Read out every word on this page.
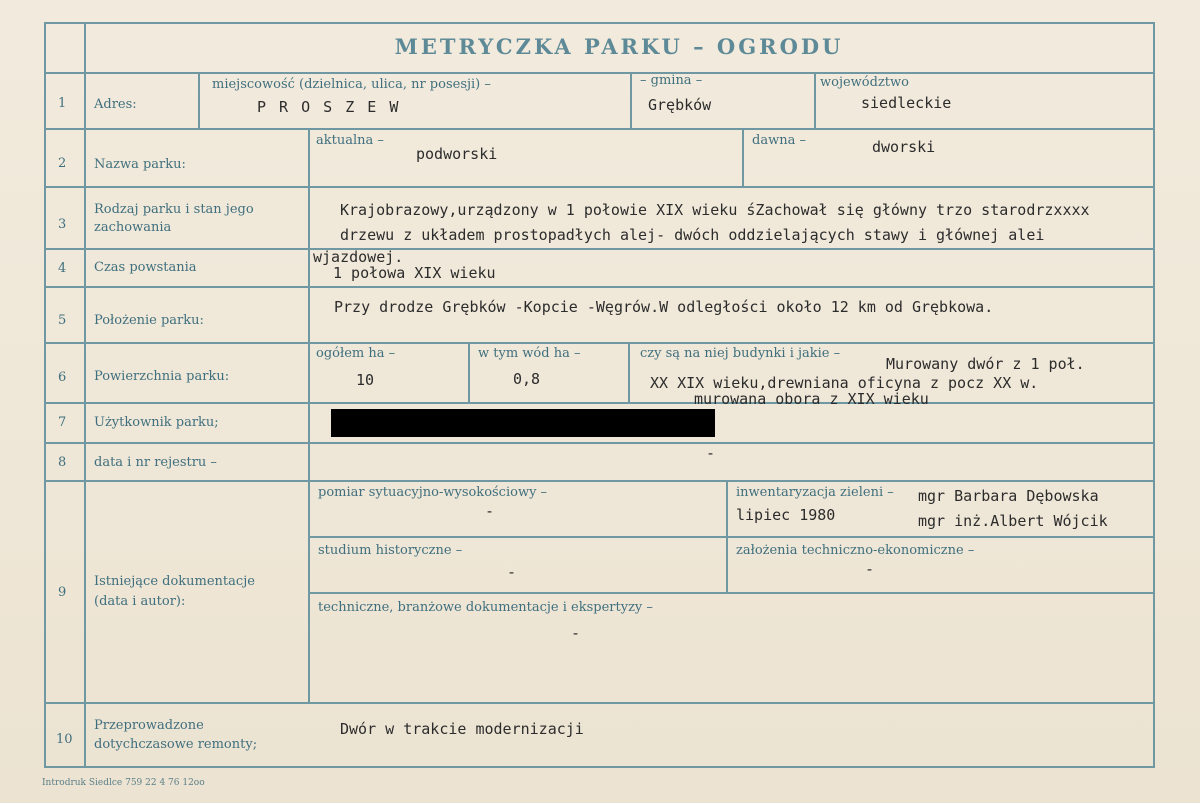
METRYCZKA PARKU – OGRODU
1 Adres:
2 Nazwa parku:
3
Rodzaj parku i stan jego
zachowania
4 Czas powstania
5 Położenie parku:
6 Powierzchnia parku:
7 Użytkownik parku;
8 data i nr rejestru –
9
Istniejące dokumentacje
(data i autor):
10
Przeprowadzone
dotychczasowe remonty;
miejscowość (dzielnica, ulica, nr posesji) –
P R O S Z E W
– gmina –
Grębków
województwo
siedleckie
aktualna –
podworski
dawna –	dworski
Krajobrazowy,urządzony w 1 połowie XIX wieku śZachował się główny trzo starodrzxxxx
drzewu z układem prostopadłych alej- dwóch oddzielających stawy i głównej alei
wjazdowej.
1 połowa XIX wieku
Przy drodze Grębków -Kopcie -Węgrów.W odległości około 12 km od Grębkowa.
ogółem ha –
10
w tym wód ha –
0,8
czy są na niej budynki i jakie –
Murowany dwór z 1 poł.
XX XIX wieku,drewniana oficyna z pocz XX w.
murowana obora z XIX wieku
-
pomiar sytuacyjno-wysokościowy –
-
inwentaryzacja zieleni – mgr Barbara Dębowska
lipiec 1980	mgr inż.Albert Wójcik
studium historyczne –
-
założenia techniczno-ekonomiczne –
-
techniczne, branżowe dokumentacje i ekspertyzy –
-
Dwór w trakcie modernizacji
Introdruk Siedlce 759 22 4 76 12oo
